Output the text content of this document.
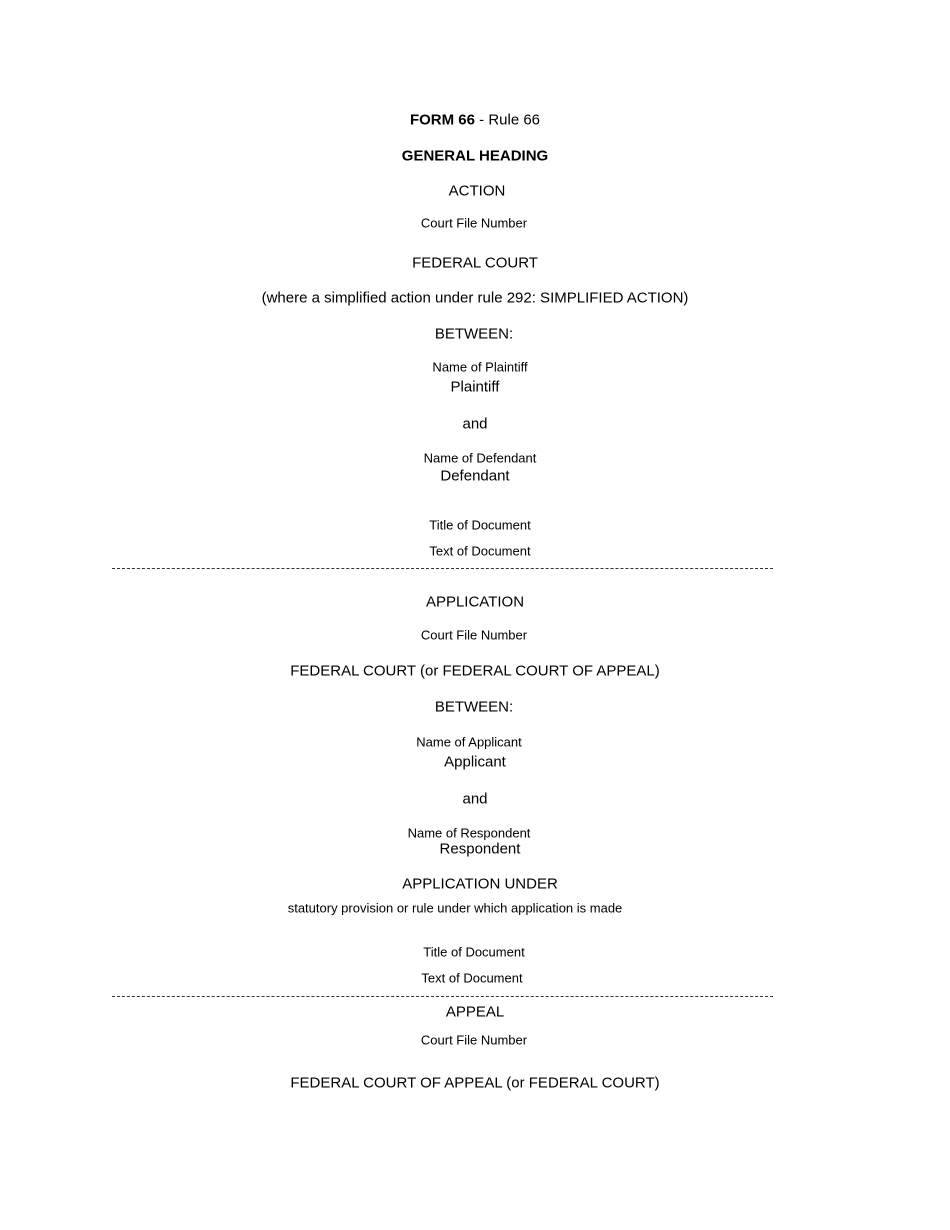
FORM 66 - Rule 66
GENERAL HEADING
ACTION
Court File Number
FEDERAL COURT
(where a simplified action under rule 292: SIMPLIFIED ACTION)
BETWEEN:
Name of Plaintiff
Plaintiff
and
Name of Defendant
Defendant
Title of Document
Text of Document
APPLICATION
Court File Number
FEDERAL COURT (or FEDERAL COURT OF APPEAL)
BETWEEN:
Name of Applicant
Applicant
and
Name of Respondent
Respondent
APPLICATION UNDER
statutory provision or rule under which application is made
Title of Document
Text of Document
APPEAL
Court File Number
FEDERAL COURT OF APPEAL (or FEDERAL COURT)
